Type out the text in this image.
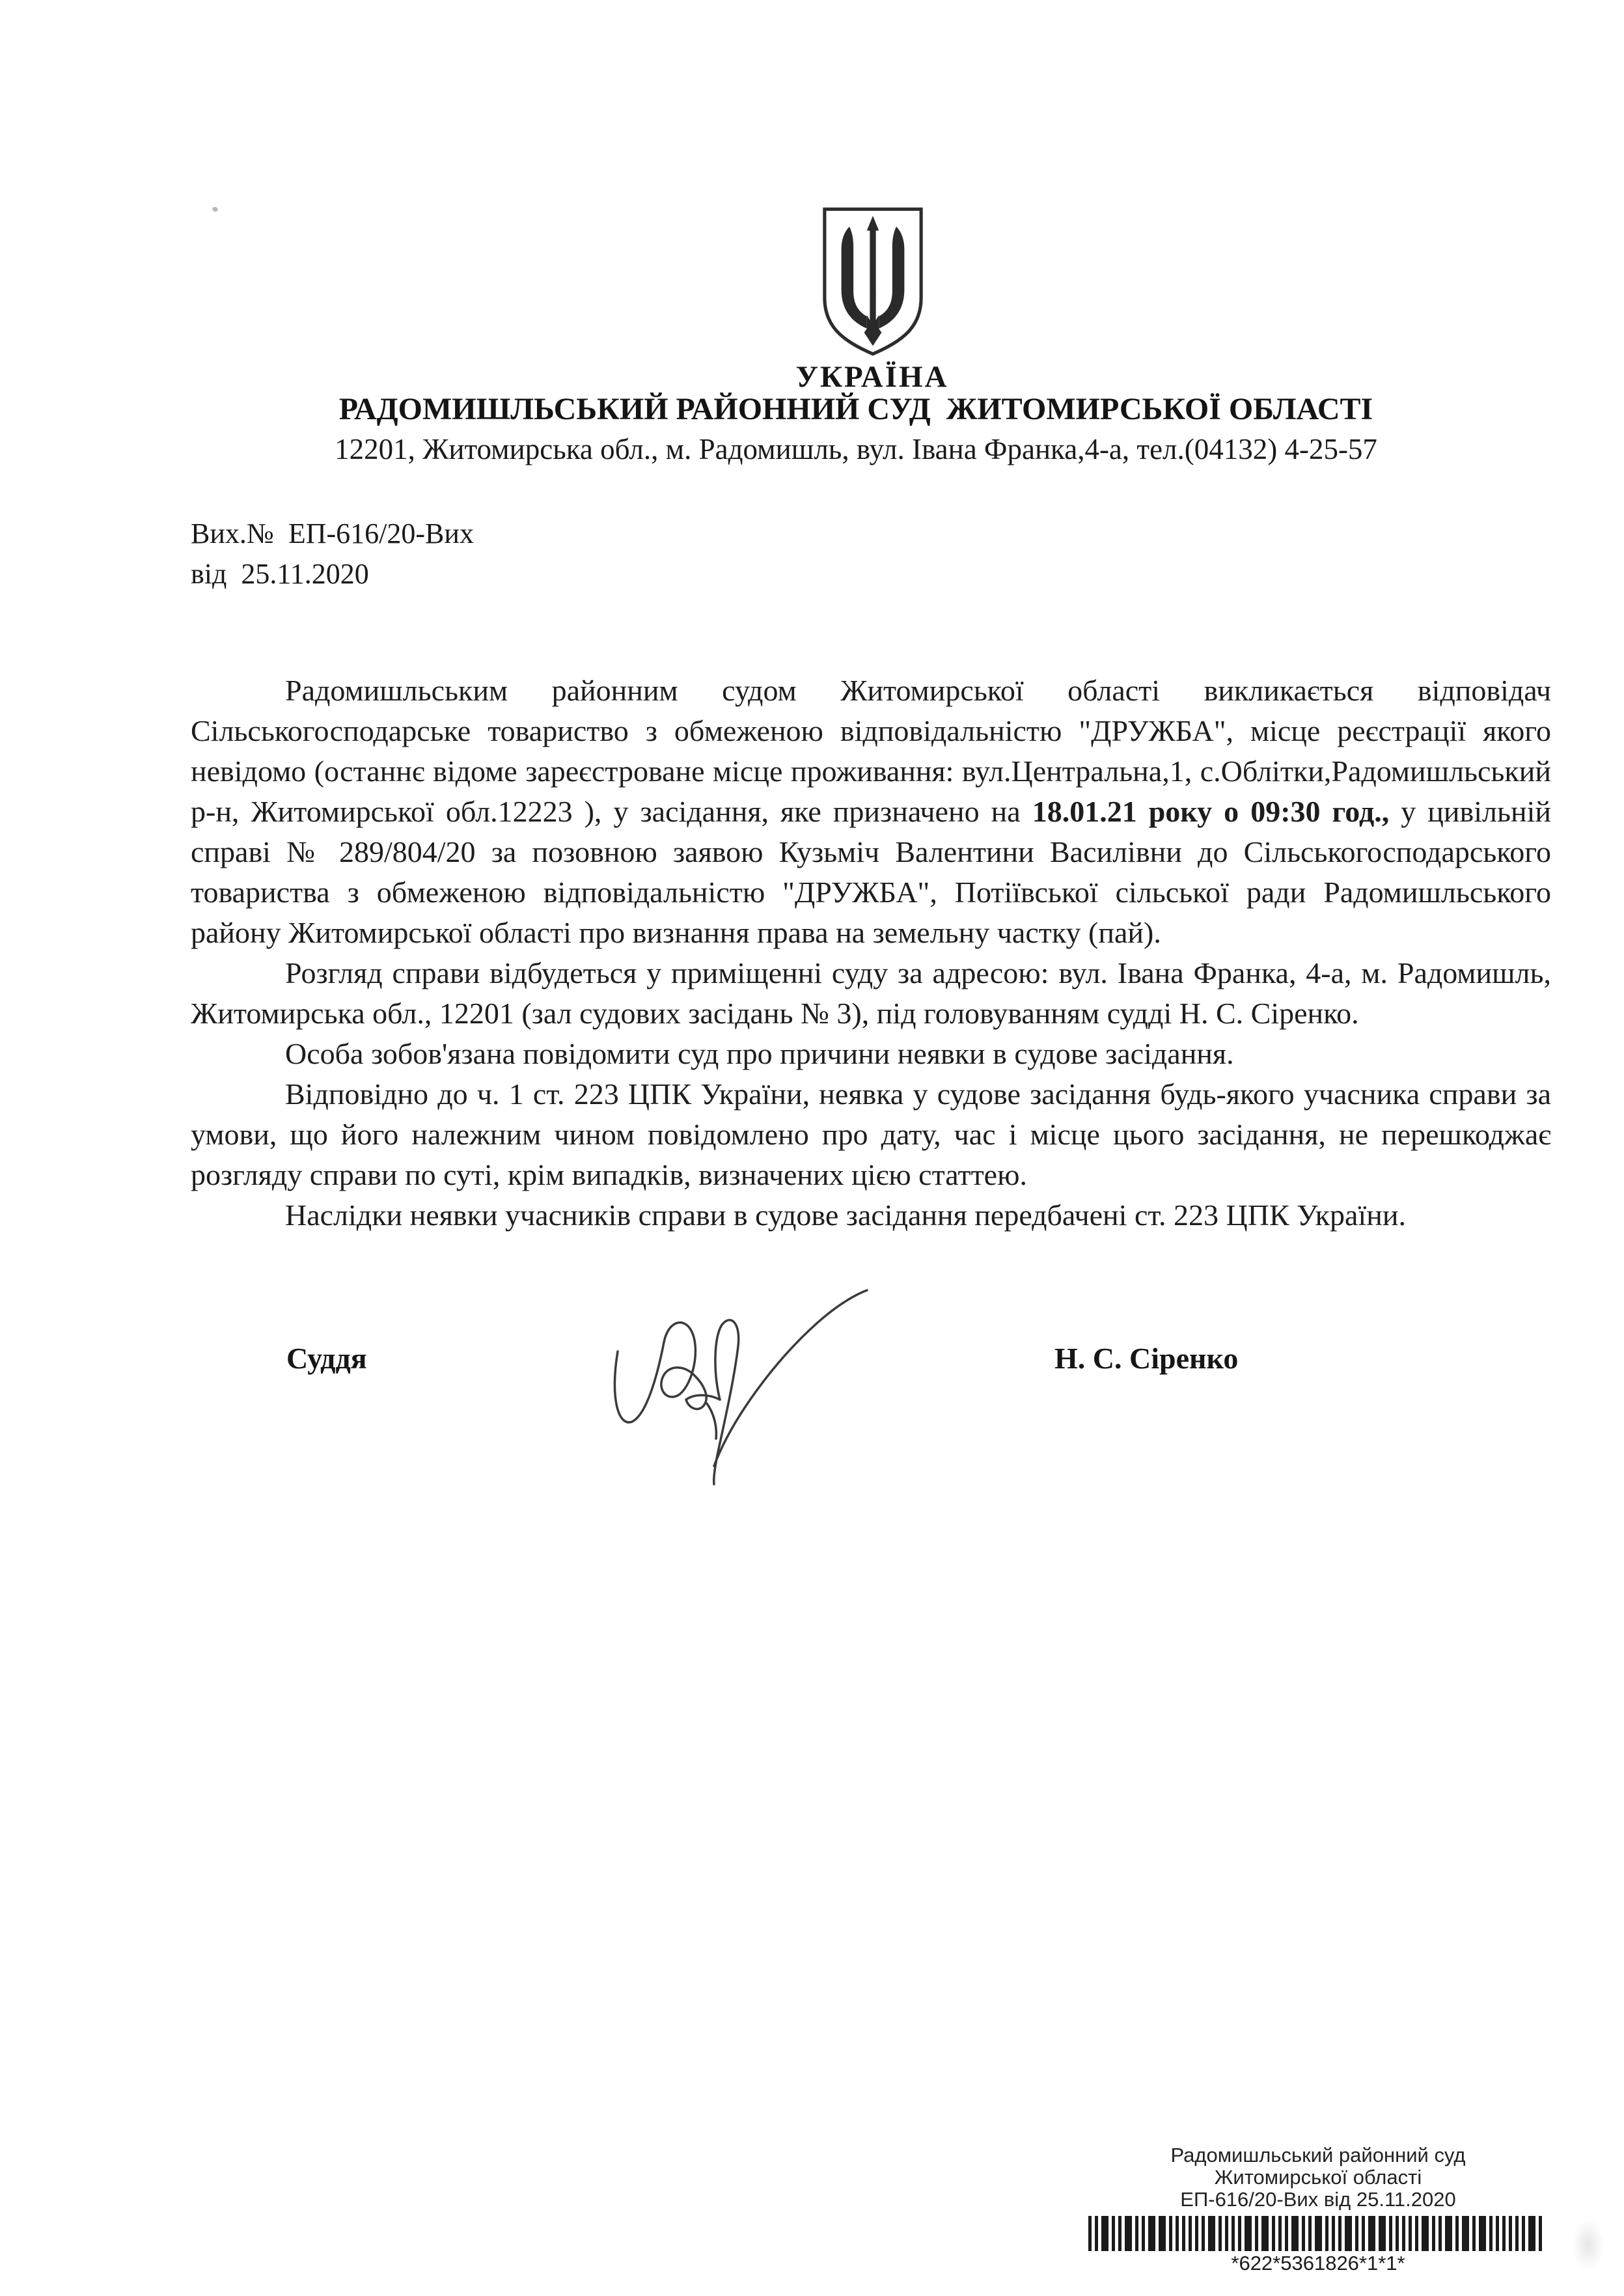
УКРАЇНА
РАДОМИШЛЬСЬКИЙ РАЙОННИЙ СУД  ЖИТОМИРСЬКОЇ ОБЛАСТІ
12201, Житомирська обл., м. Радомишль, вул. Івана Франка,4-а, тел.(04132) 4-25-57
Вих.№  ЕП-616/20-Вих
від  25.11.2020

Радомишльським районним судом Житомирської області викликається відповідач Сільськогосподарське товариство з обмеженою відповідальністю "ДРУЖБА", місце реєстрації якого невідомо (останнє відоме зареєстроване місце проживання: вул.Центральна,1, с.Облітки,Радомишльський р-н, Житомирської обл.12223 ), у засідання, яке призначено на 18.01.21 року о 09:30 год., у цивільній справі № 289/804/20 за позовною заявою Кузьміч Валентини Василівни до Сільськогосподарського товариства з обмеженою відповідальністю "ДРУЖБА", Потіївської сільської ради Радомишльського району Житомирської області про визнання права на земельну частку (пай).

Розгляд справи відбудеться у приміщенні суду за адресою: вул. Івана Франка, 4-а, м. Радомишль, Житомирська обл., 12201 (зал судових засідань № 3), під головуванням судді Н. С. Сіренко.

Особа зобов'язана повідомити суд про причини неявки в судове засідання.

Відповідно до ч. 1 ст. 223 ЦПК України, неявка у судове засідання будь-якого учасника справи за умови, що його належним чином повідомлено про дату, час і місце цього засідання, не перешкоджає розгляду справи по суті, крім випадків, визначених цією статтею.

Наслідки неявки учасників справи в судове засідання передбачені ст. 223 ЦПК України.

Суддя	Н. С. Сіренко
Радомишльський районний суд
Житомирської області
ЕП-616/20-Вих від 25.11.2020
*622*5361826*1*1*
